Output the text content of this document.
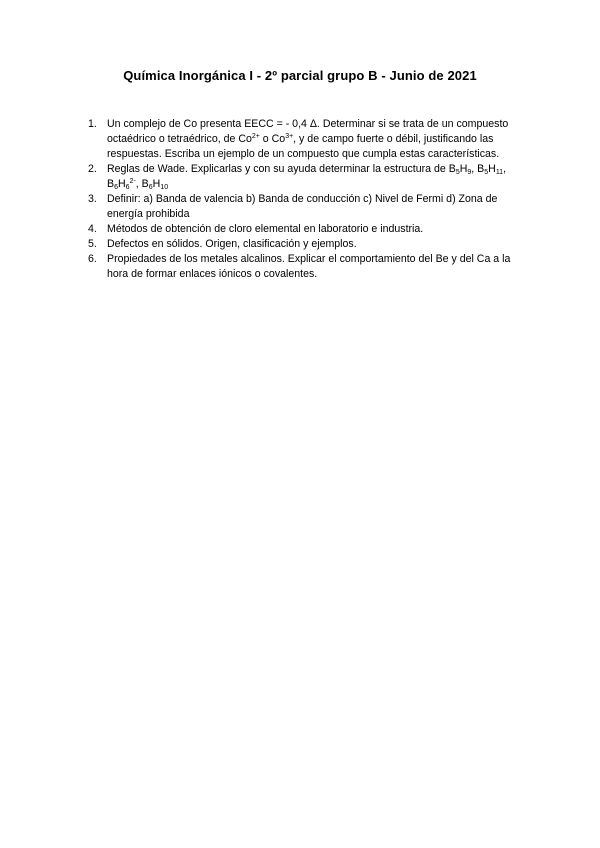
Química Inorgánica I - 2º parcial grupo B - Junio de 2021
1. Un complejo de Co presenta EECC = - 0,4 Δ. Determinar si se trata de un compuesto octaédrico o tetraédrico, de $Co^{2+}$ o $Co^{3+}$, y de campo fuerte o débil, justificando las respuestas. Escriba un ejemplo de un compuesto que cumpla estas características.
2. Reglas de Wade. Explicarlas y con su ayuda determinar la estructura de $B_5H_9$, $B_5H_{11}$, $B_6H_6^{2-}$, $B_6H_{10}$
3. Definir: a) Banda de valencia b) Banda de conducción c) Nivel de Fermi d) Zona de energía prohibida
4. Métodos de obtención de cloro elemental en laboratorio e industria.
5. Defectos en sólidos. Origen, clasificación y ejemplos.
6. Propiedades de los metales alcalinos. Explicar el comportamiento del Be y del Ca a la hora de formar enlaces iónicos o covalentes.
